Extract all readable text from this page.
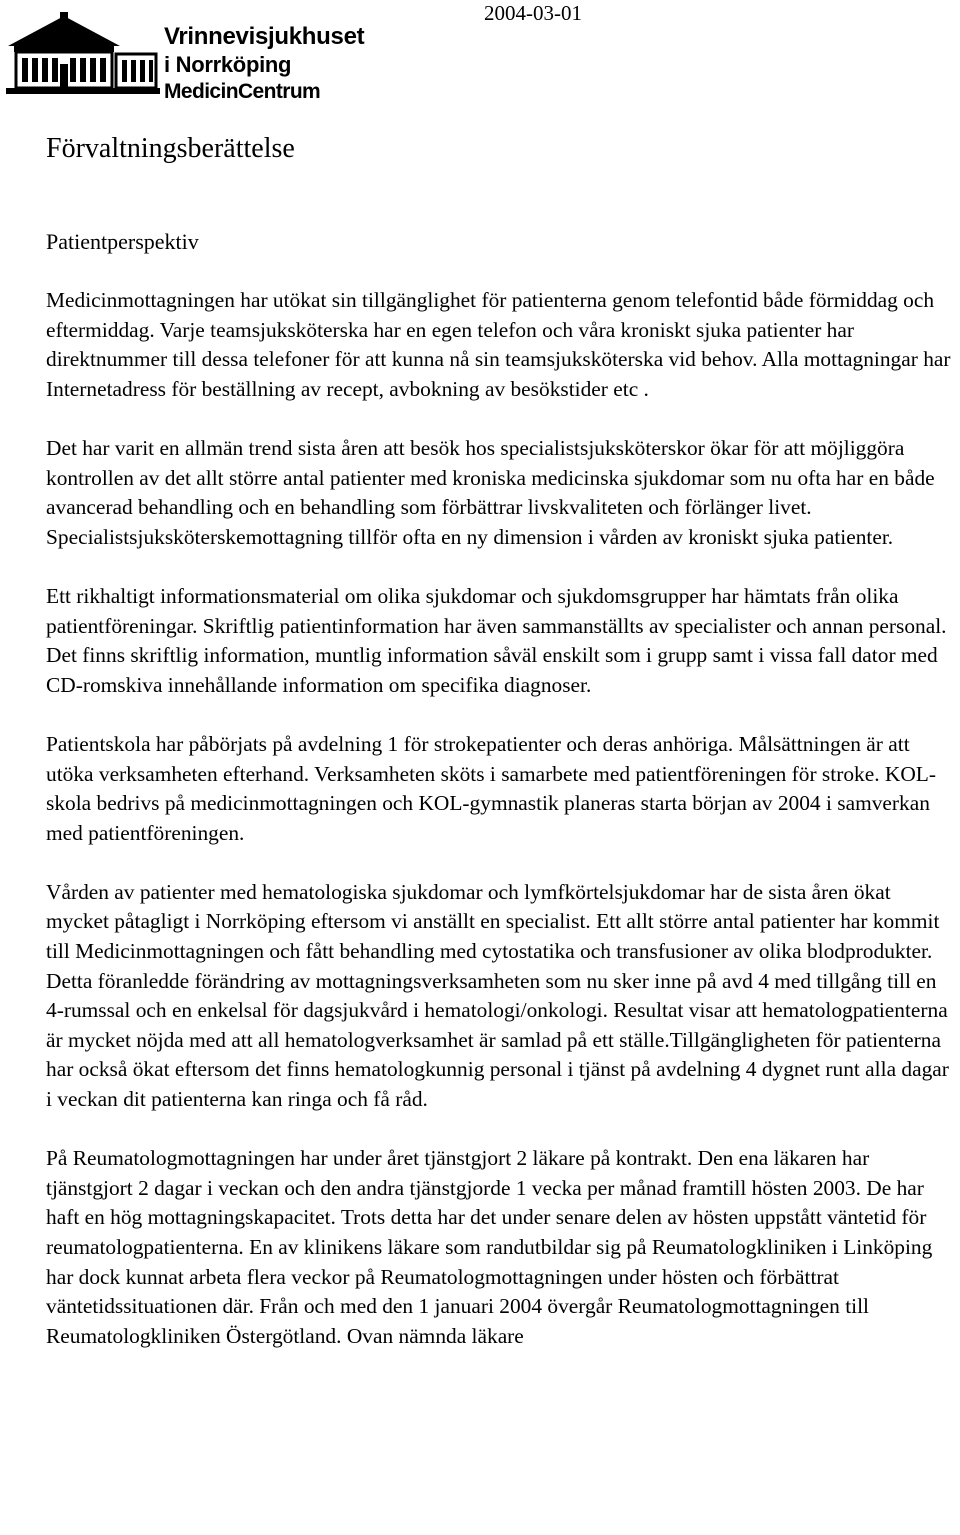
Vrinnevisjukhuset
i Norrköping
MedicinCentrum
2004-03-01
Förvaltningsberättelse
Patientperspektiv

Medicinmottagningen har utökat sin tillgänglighet för patienterna genom telefontid både förmiddag och eftermiddag. Varje teamsjuksköterska har en egen telefon och våra kroniskt sjuka patienter har direktnummer till dessa telefoner för att kunna nå sin teamsjuksköterska vid behov. Alla mottagningar har Internetadress för beställning av recept, avbokning av besökstider etc .

Det har varit en allmän trend sista åren att besök hos specialistsjuksköterskor ökar för att möjliggöra kontrollen av det allt större antal patienter med kroniska medicinska sjukdomar som nu ofta har en både avancerad behandling och en behandling som förbättrar livskvaliteten och förlänger livet. Specialistsjuksköterskemottagning tillför ofta en ny dimension i vården av kroniskt sjuka patienter.

Ett rikhaltigt informationsmaterial om olika sjukdomar och sjukdomsgrupper har hämtats från olika patientföreningar. Skriftlig patientinformation har även sammanställts av specialister och annan personal. Det finns skriftlig information, muntlig information såväl enskilt som i grupp samt i vissa fall dator med CD-romskiva innehållande information om specifika diagnoser.

Patientskola har påbörjats på avdelning 1 för strokepatienter och deras anhöriga. Målsättningen är att utöka verksamheten efterhand. Verksamheten sköts i samarbete med patientföreningen för stroke. KOL- skola bedrivs på medicinmottagningen och KOL-gymnastik planeras starta början av 2004 i samverkan med patientföreningen.

Vården av patienter med hematologiska sjukdomar och lymfkörtelsjukdomar har de sista åren ökat mycket påtagligt i Norrköping eftersom vi anställt en specialist. Ett allt större antal patienter har kommit till Medicinmottagningen och fått behandling med cytostatika och transfusioner av olika blodprodukter. Detta föranledde förändring av mottagningsverksamheten som nu sker inne på avd 4 med tillgång till en 4-rumssal och en enkelsal för dagsjukvård i hematologi/onkologi. Resultat visar att hematologpatienterna är mycket nöjda med att all hematologverksamhet är samlad på ett ställe.Tillgängligheten för patienterna har också ökat eftersom det finns hematologkunnig personal i tjänst på avdelning 4 dygnet runt alla dagar i veckan dit patienterna kan ringa och få råd.

På Reumatologmottagningen har under året tjänstgjort 2 läkare på kontrakt. Den ena läkaren har tjänstgjort 2 dagar i veckan och den andra tjänstgjorde 1 vecka per månad framtill hösten 2003. De har haft en hög mottagningskapacitet. Trots detta har det under senare delen av hösten uppstått väntetid för reumatologpatienterna. En av klinikens läkare som randutbildar sig på Reumatologkliniken i Linköping har dock kunnat arbeta flera veckor på Reumatologmottagningen under hösten och förbättrat väntetidssituationen där. Från och med den 1 januari 2004 övergår Reumatologmottagningen till Reumatologkliniken Östergötland. Ovan nämnda läkare
